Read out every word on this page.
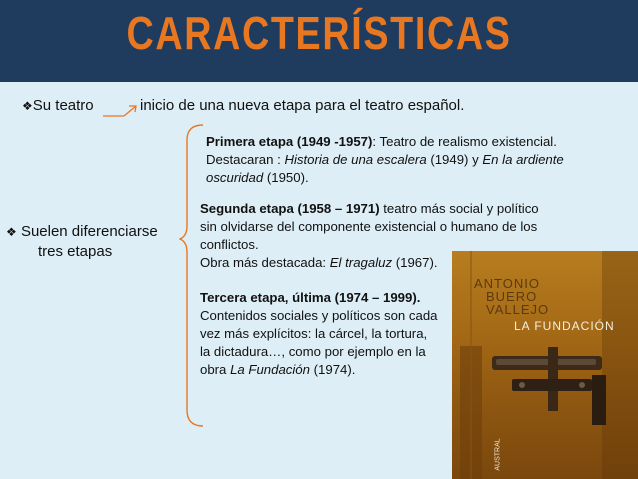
CARACTERÍSTICAS
❖Su teatro	inicio de una nueva etapa para el teatro español.
❖ Suelen diferenciarse
tres etapas
Primera etapa (1949 -1957): Teatro de realismo existencial.
Destacaran : Historia de una escalera (1949) y En la ardiente oscuridad (1950).
Segunda etapa (1958 – 1971) teatro más social y político sin olvidarse del componente existencial o humano de los conflictos.
Obra más destacada: El tragaluz (1967).
Tercera etapa, última (1974 – 1999). Contenidos sociales y políticos son cada vez más explícitos: la cárcel, la tortura, la dictadura…, como por ejemplo en la obra La Fundación (1974).
ANTONIO
BUERO
VALLEJO
LA FUNDACIÓN
AUSTRAL
